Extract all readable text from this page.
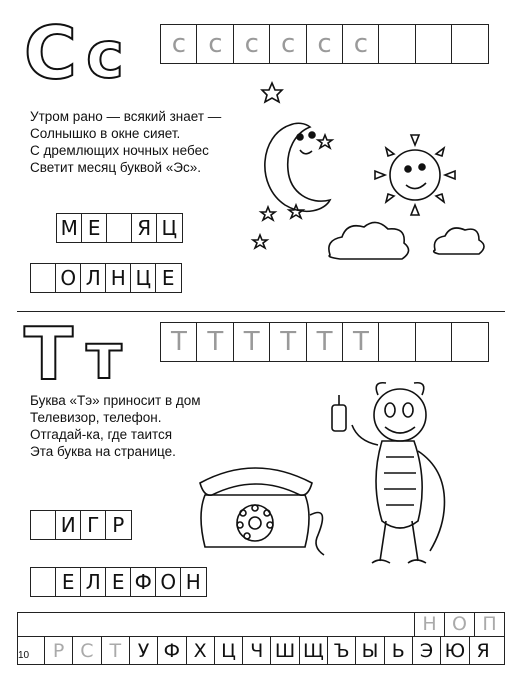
C c	c c c c c c
Утром рано — всякий знает —
Солнышко в окне сияет.
С дремлющих ночных небес
Светит месяц буквой «Эс».
М Е	Я Ц
О Л Н Ц Е
Т т	Т Т Т Т Т Т
Буква «Тэ» приносит в дом
Телевизор, телефон.
Отгадай-ка, где таится
Эта буква на странице.
И Г Р
Е Л Е Ф О Н
Н О П
10	Р С Т У Ф Х Ц Ч Ш Щ Ъ Ы Ь Э Ю Я
